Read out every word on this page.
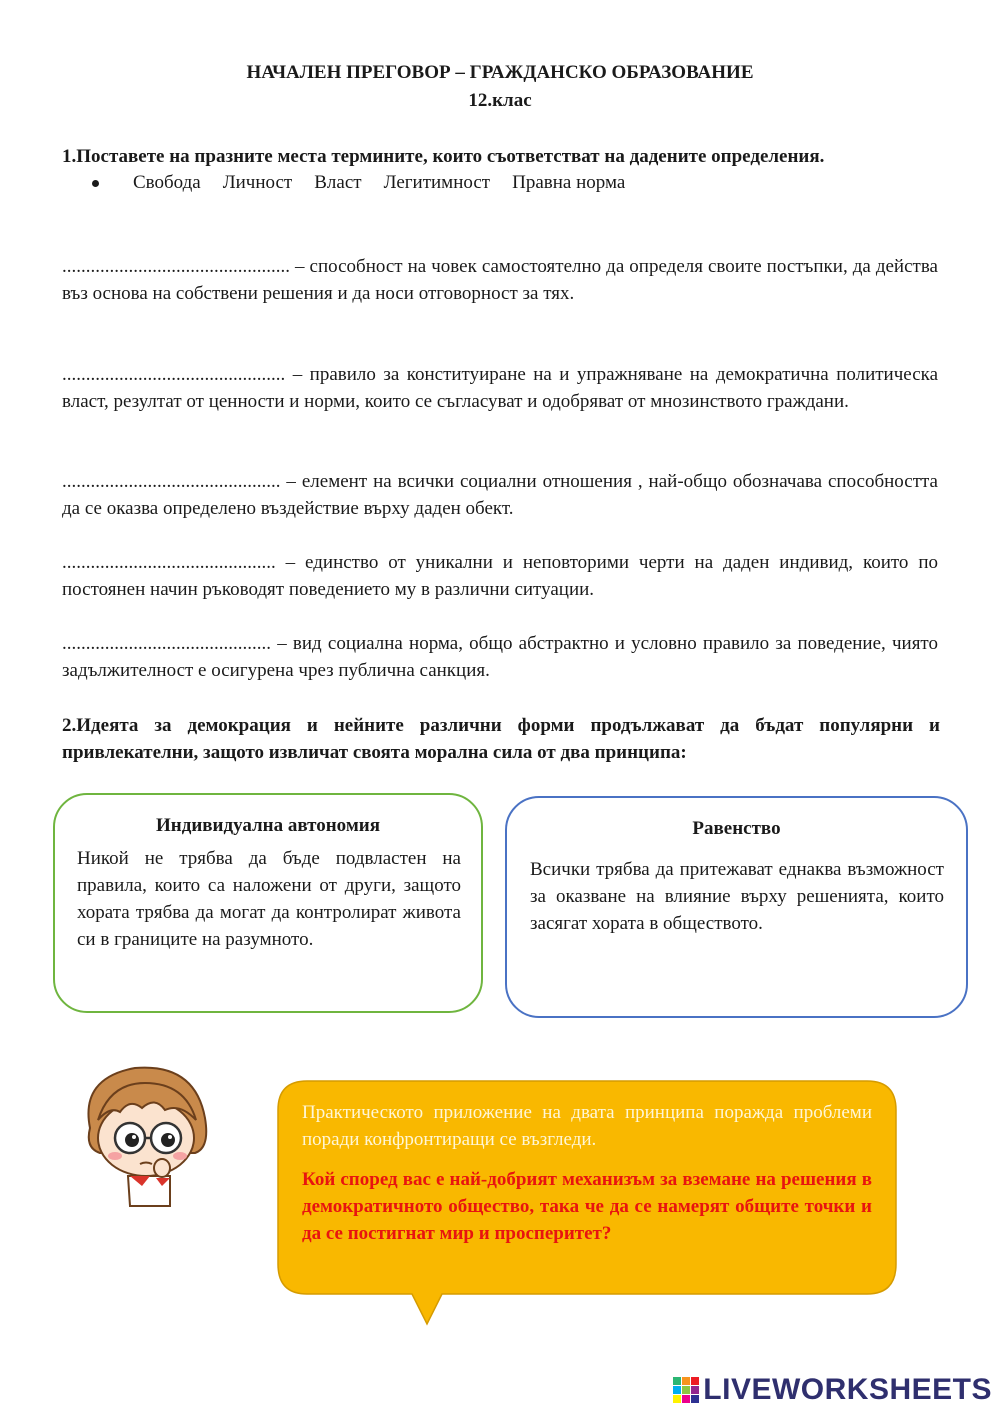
НАЧАЛЕН ПРЕГОВОР – ГРАЖДАНСКО ОБРАЗОВАНИЕ
12.клас
1.Поставете на празните места термините, които съответстват на дадените определения.
Свобода Личност Власт Легитимност Правна норма
................................................ – способност на човек самостоятелно да определя своите постъпки, да действа въз основа на собствени решения и да носи отговорност за тях.
............................................... – правило за конституиране на и упражняване на демократична политическа власт, резултат от ценности и норми, които се съгласуват и одобряват от мнозинството граждани.
.............................................. – елемент на всички социални отношения , най-общо обозначава способността да се оказва определено въздействие върху даден обект.
............................................. – единство от уникални и неповторими черти на даден индивид, които по постоянен начин ръководят поведението му в различни ситуации.
............................................ – вид социална норма, общо абстрактно и условно правило за поведение, чиято задължителност е осигурена чрез публична санкция.
2.Идеята за демокрация и нейните различни форми продължават да бъдат популярни и привлекателни, защото извличат своята морална сила от два принципа:
Индивидуална автономия
Никой не трябва да бъде подвластен на правила, които са наложени от други, защото хората трябва да могат да контролират живота си в границите на разумното.
Равенство
Всички трябва да притежават еднаква възможност за оказване на влияние върху решенията, които засягат хората в обществото.
Практическото приложение на двата принципа поражда проблеми поради конфронтиращи се възгледи.
Кой според вас е най-добрият механизъм за вземане на решения в демократичното общество, така че да се намерят общите точки и да се постигнат мир и просперитет?
LIVEWORKSHEETS
